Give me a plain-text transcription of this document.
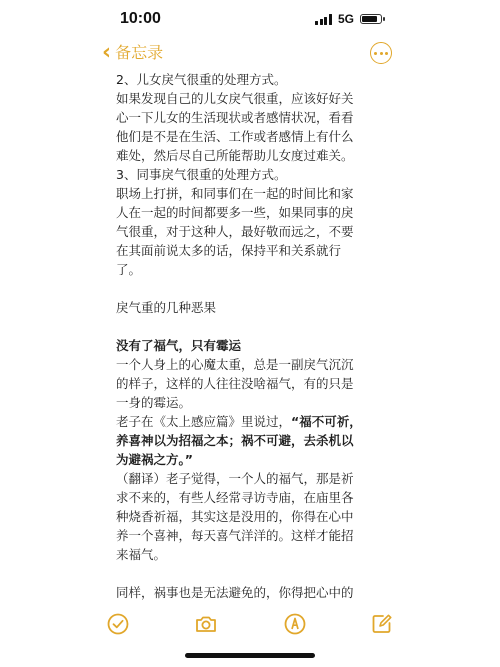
10:00	5G
‹ 备忘录
2、儿女戾气很重的处理方式。
如果发现自己的儿女戾气很重，应该好好关
心一下儿女的生活现状或者感情状况，看看
他们是不是在生活、工作或者感情上有什么
难处，然后尽自己所能帮助儿女度过难关。
3、同事戾气很重的处理方式。
职场上打拼，和同事们在一起的时间比和家
人在一起的时间都要多一些，如果同事的戾
气很重，对于这种人，最好敬而远之，不要
在其面前说太多的话，保持平和关系就行
了。
戾气重的几种恶果
没有了福气，只有霉运
一个人身上的心魔太重，总是一副戾气沉沉
的样子，这样的人往往没啥福气，有的只是
一身的霉运。
老子在《太上感应篇》里说过，“福不可祈，
养喜神以为招福之本；祸不可避，去杀机以
为避祸之方。”
（翻译）老子觉得，一个人的福气，那是祈
求不来的，有些人经常寻访寺庙，在庙里各
种烧香祈福，其实这是没用的，你得在心中
养一个喜神，每天喜气洋洋的。这样才能招
来福气。
同样，祸事也是无法避免的，你得把心中的
